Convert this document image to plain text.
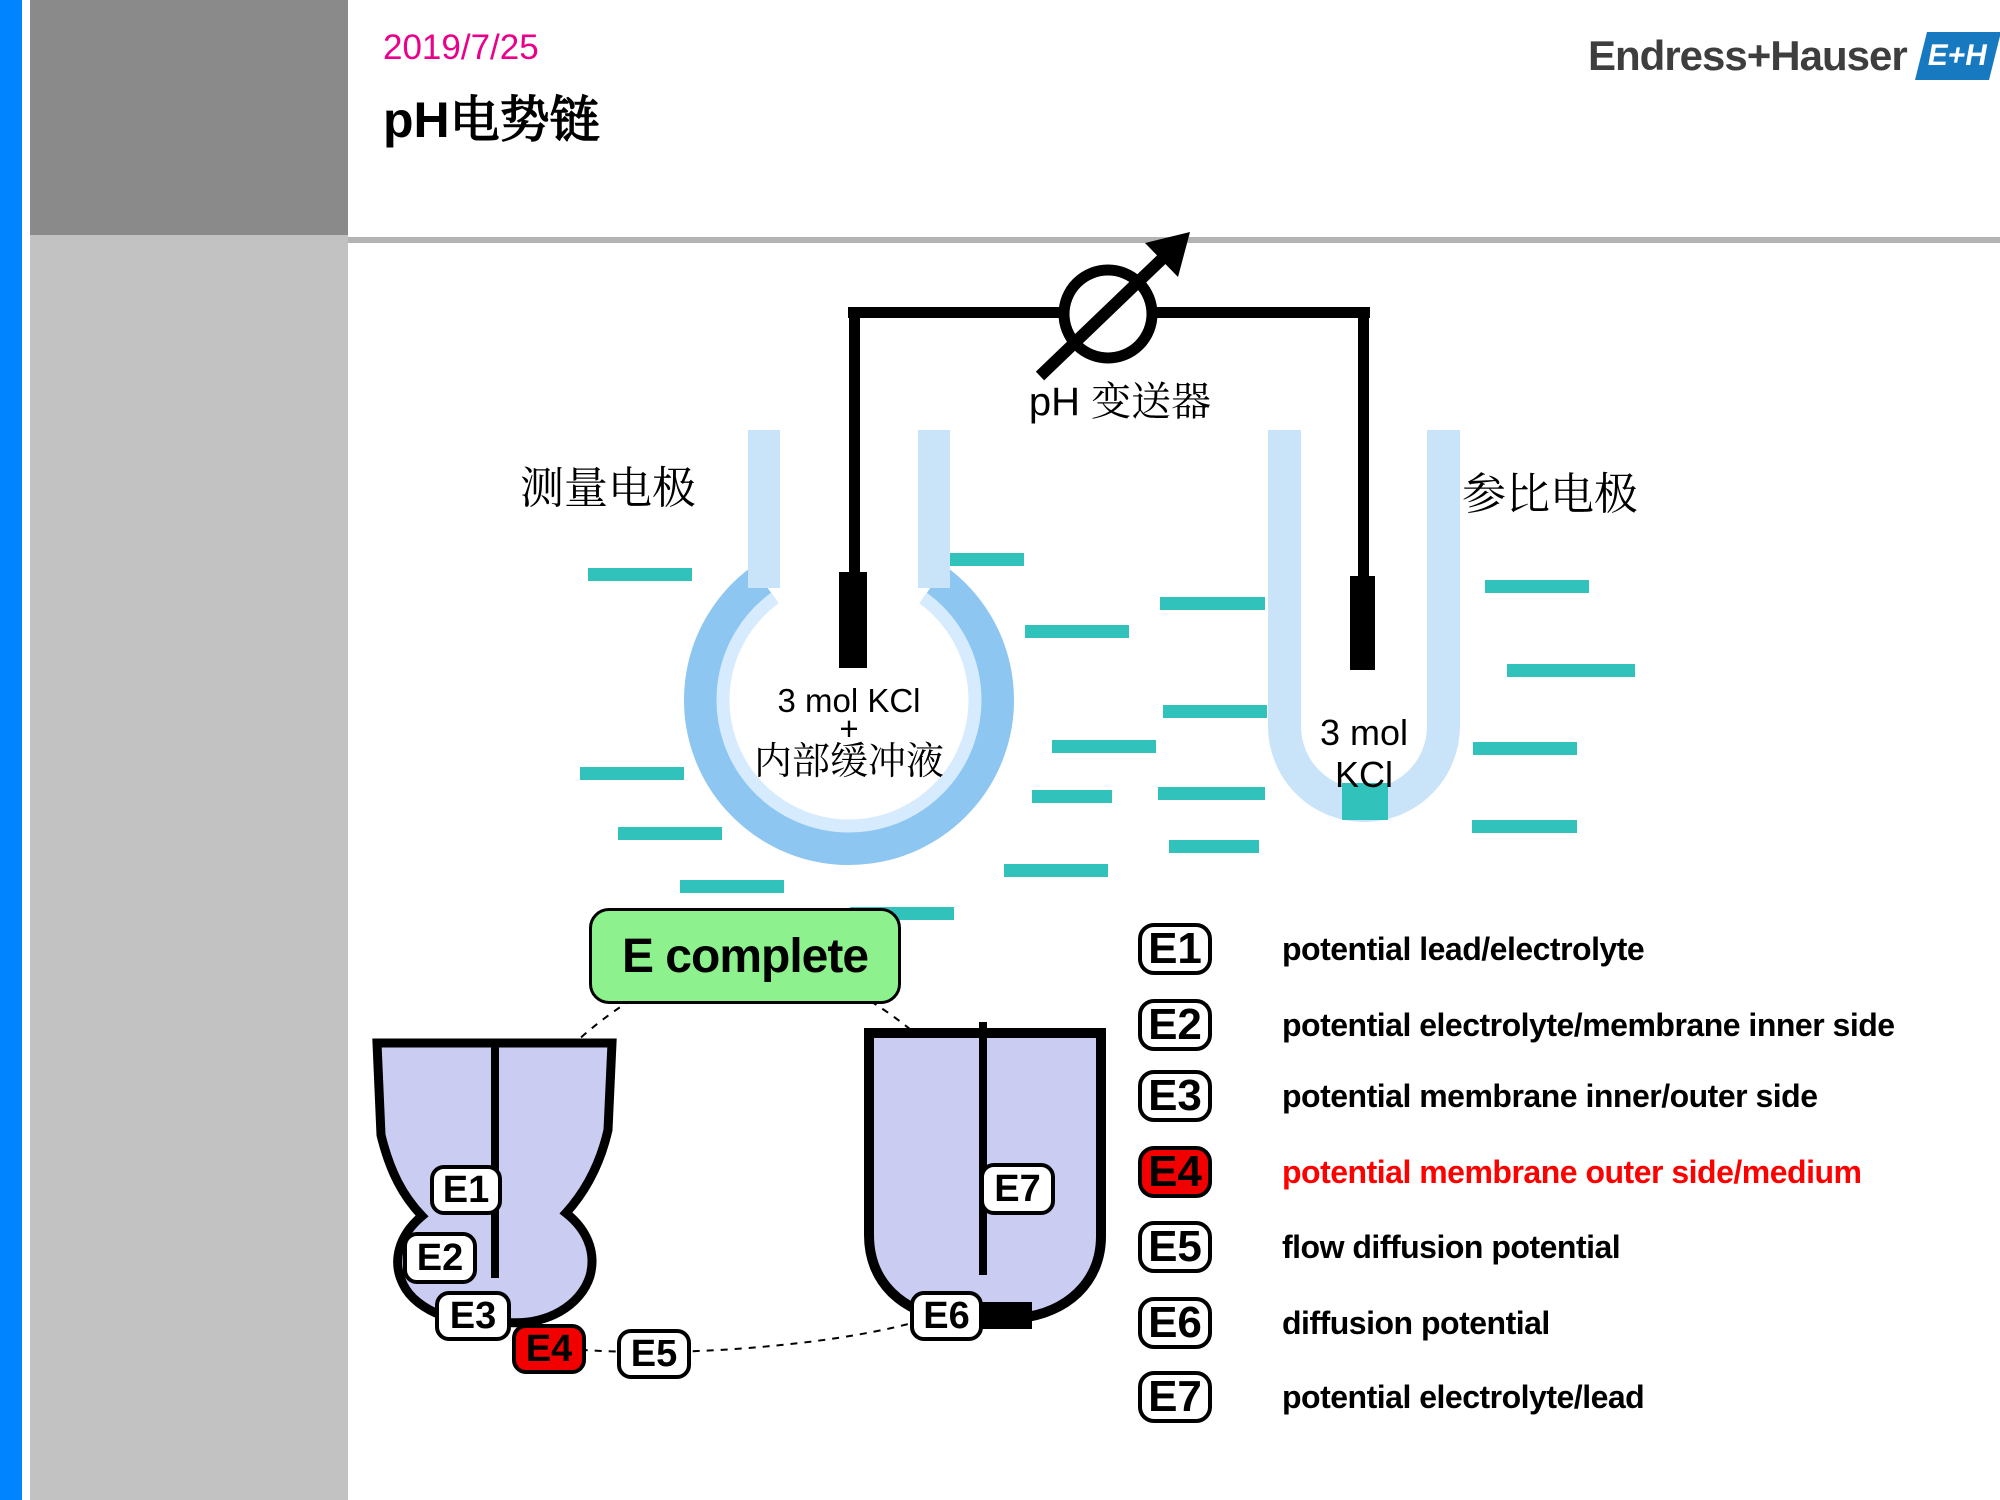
2019/7/25
pH电势链
Endress+Hauser E+H
测量电极	参比电极
pH 变送器
3 mol KCl
+
内部缓冲液
3 mol
KCl
E complete
E1
E2
E3
E4	E5
E6
E7
E1	potential lead/electrolyte
E2	potential electrolyte/membrane inner side
E3	potential membrane inner/outer side
E4	potential membrane outer side/medium
E5	flow diffusion potential
E6	diffusion potential
E7	potential electrolyte/lead
